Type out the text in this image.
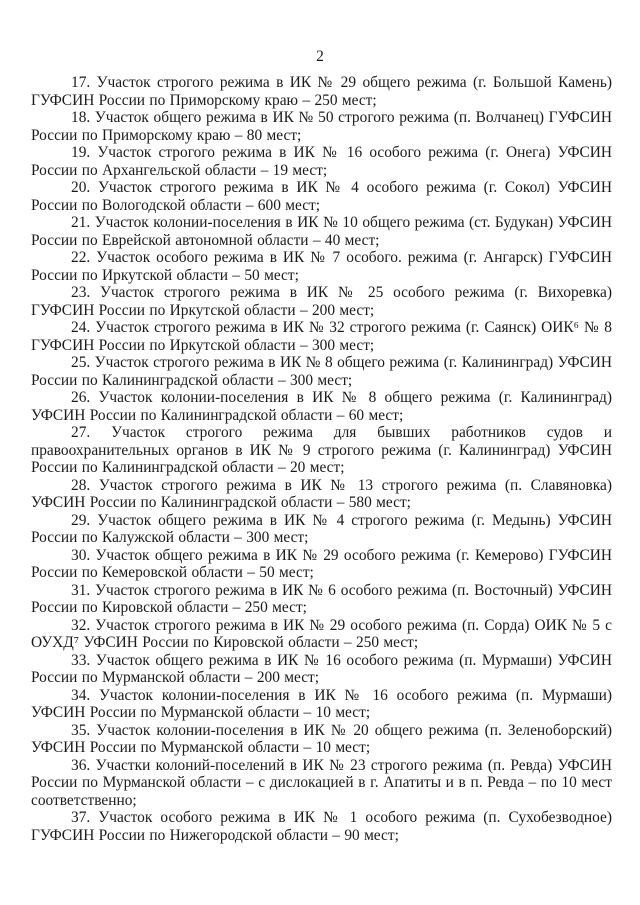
2

17. Участок строгого режима в ИК № 29 общего режима (г. Большой Камень) ГУФСИН России по Приморскому краю – 250 мест;

18. Участок общего режима в ИК № 50 строгого режима (п. Волчанец) ГУФСИН России по Приморскому краю – 80 мест;

19. Участок строгого режима в ИК № 16 особого режима (г. Онега) УФСИН России по Архангельской области – 19 мест;

20. Участок строгого режима в ИК № 4 особого режима (г. Сокол) УФСИН России по Вологодской области – 600 мест;

21. Участок колонии-поселения в ИК № 10 общего режима (ст. Будукан) УФСИН России по Еврейской автономной области – 40 мест;

22. Участок особого режима в ИК № 7 особого. режима (г. Ангарск) ГУФСИН России по Иркутской области – 50 мест;

23. Участок строгого режима в ИК № 25 особого режима (г. Вихоревка) ГУФСИН России по Иркутской области – 200 мест;

24. Участок строгого режима в ИК № 32 строгого режима (г. Саянск) ОИК⁶ № 8 ГУФСИН России по Иркутской области – 300 мест;

25. Участок строгого режима в ИК № 8 общего режима (г. Калининград) УФСИН России по Калининградской области – 300 мест;

26. Участок колонии-поселения в ИК № 8 общего режима (г. Калининград) УФСИН России по Калининградской области – 60 мест;

27. Участок строгого режима для бывших работников судов и правоохранительных органов в ИК № 9 строгого режима (г. Калининград) УФСИН России по Калининградской области – 20 мест;

28. Участок строгого режима в ИК № 13 строгого режима (п. Славяновка) УФСИН России по Калининградской области – 580 мест;

29. Участок общего режима в ИК № 4 строгого режима (г. Медынь) УФСИН России по Калужской области – 300 мест;

30. Участок общего режима в ИК № 29 особого режима (г. Кемерово) ГУФСИН России по Кемеровской области – 50 мест;

31. Участок строгого режима в ИК № 6 особого режима (п. Восточный) УФСИН России по Кировской области – 250 мест;

32. Участок строгого режима в ИК № 29 особого режима (п. Сорда) ОИК № 5 с ОУХД⁷ УФСИН России по Кировской области – 250 мест;

33. Участок общего режима в ИК № 16 особого режима (п. Мурмаши) УФСИН России по Мурманской области – 200 мест;

34. Участок колонии-поселения в ИК № 16 особого режима (п. Мурмаши) УФСИН России по Мурманской области – 10 мест;

35. Участок колонии-поселения в ИК № 20 общего режима (п. Зеленоборский) УФСИН России по Мурманской области – 10 мест;

36. Участки колоний-поселений в ИК № 23 строгого режима (п. Ревда) УФСИН России по Мурманской области – с дислокацией в г. Апатиты и в п. Ревда – по 10 мест соответственно;

37. Участок особого режима в ИК № 1 особого режима (п. Сухобезводное) ГУФСИН России по Нижегородской области – 90 мест;
